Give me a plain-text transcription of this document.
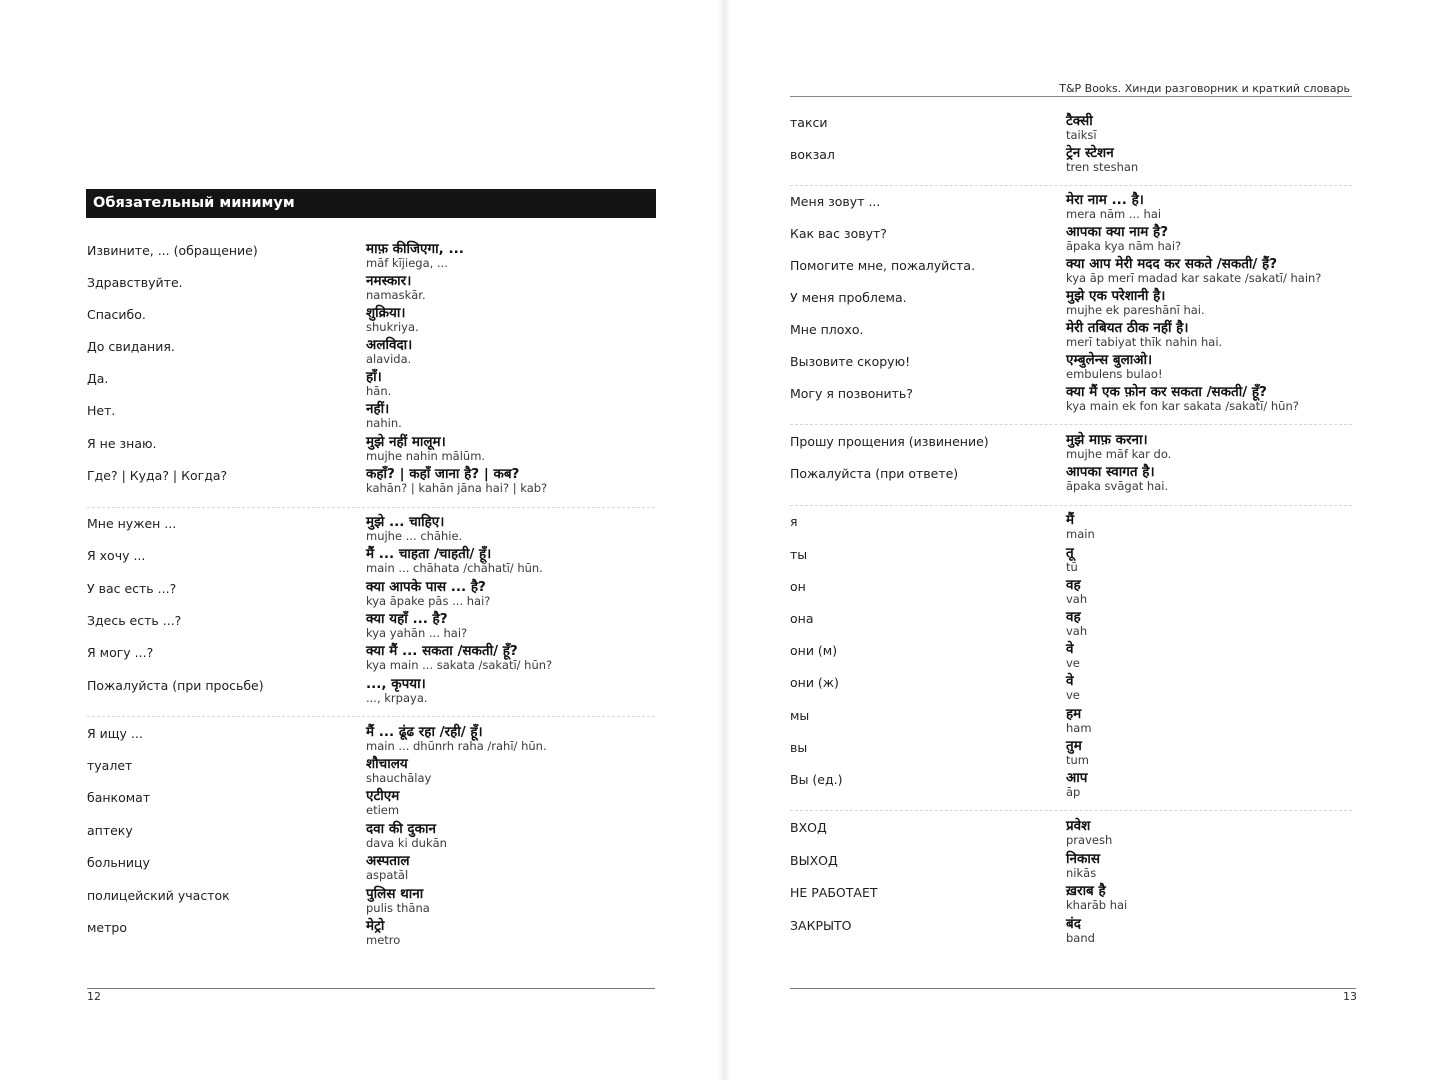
Обязательный минимум
Извините, ... (обращение)	माफ़ कीजिएगा, ...
māf kījiega, ...
Здравствуйте.	नमस्कार।
namaskār.
Спасибо.	शुक्रिया।
shukriya.
До свидания.	अलविदा।
alavida.
Да.	हाँ।
hān.
Нет.	नहीं।
nahin.
Я не знаю.	मुझे नहीं मालूम।
mujhe nahin mālūm.
Где? | Куда? | Когда?	कहाँ? | कहाँ जाना है? | कब?
kahān? | kahān jāna hai? | kab?
Мне нужен ...	मुझे ... चाहिए।
mujhe ... chāhie.
Я хочу ...	मैं ... चाहता /चाहती/ हूँ।
main ... chāhata /chāhatī/ hūn.
У вас есть ...?	क्या आपके पास ... है?
kya āpake pās ... hai?
Здесь есть ...?	क्या यहाँ ... है?
kya yahān ... hai?
Я могу ...?	क्या मैं ... सकता /सकती/ हूँ?
kya main ... sakata /sakatī/ hūn?
Пожалуйста (при просьбе)	..., कृपया।
..., krpaya.
Я ищу ...	मैं ... ढूंढ रहा /रही/ हूँ।
main ... dhūnrh raha /rahī/ hūn.
туалет	शौचालय
shauchālay
банкомат	एटीएम
etiem
аптеку	दवा की दुकान
dava ki dukān
больницу	अस्पताल
aspatāl
полицейский участок	पुलिस थाना
pulis thāna
метро	मेट्रो
metro
12
T&P Books. Хинди разговорник и краткий словарь
такси	टैक्सी
taiksī
вокзал	ट्रेन स्टेशन
tren steshan
Меня зовут ...	मेरा नाम ... है।
mera nām ... hai
Как вас зовут?	आपका क्या नाम है?
āpaka kya nām hai?
Помогите мне, пожалуйста.	क्या आप मेरी मदद कर सकते /सकती/ हैं?
kya āp merī madad kar sakate /sakatī/ hain?
У меня проблема.	मुझे एक परेशानी है।
mujhe ek pareshānī hai.
Мне плохо.	मेरी तबियत ठीक नहीं है।
merī tabiyat thīk nahin hai.
Вызовите скорую!	एम्बुलेन्स बुलाओ।
embulens bulao!
Могу я позвонить?	क्या मैं एक फ़ोन कर सकता /सकती/ हूँ?
kya main ek fon kar sakata /sakatī/ hūn?
Прошу прощения (извинение)	मुझे माफ़ करना।
mujhe māf kar do.
Пожалуйста (при ответе)	आपका स्वागत है।
āpaka svāgat hai.
я	मैं
main
ты	तू
tū
он	वह
vah
она	वह
vah
они (м)	वे
ve
они (ж)	वे
ve
мы	हम
ham
вы	तुम
tum
Вы (ед.)	आप
āp
ВХОД	प्रवेश
pravesh
ВЫХОД	निकास
nikās
НЕ РАБОТАЕТ	ख़राब है
kharāb hai
ЗАКРЫТО	बंद
band
13
